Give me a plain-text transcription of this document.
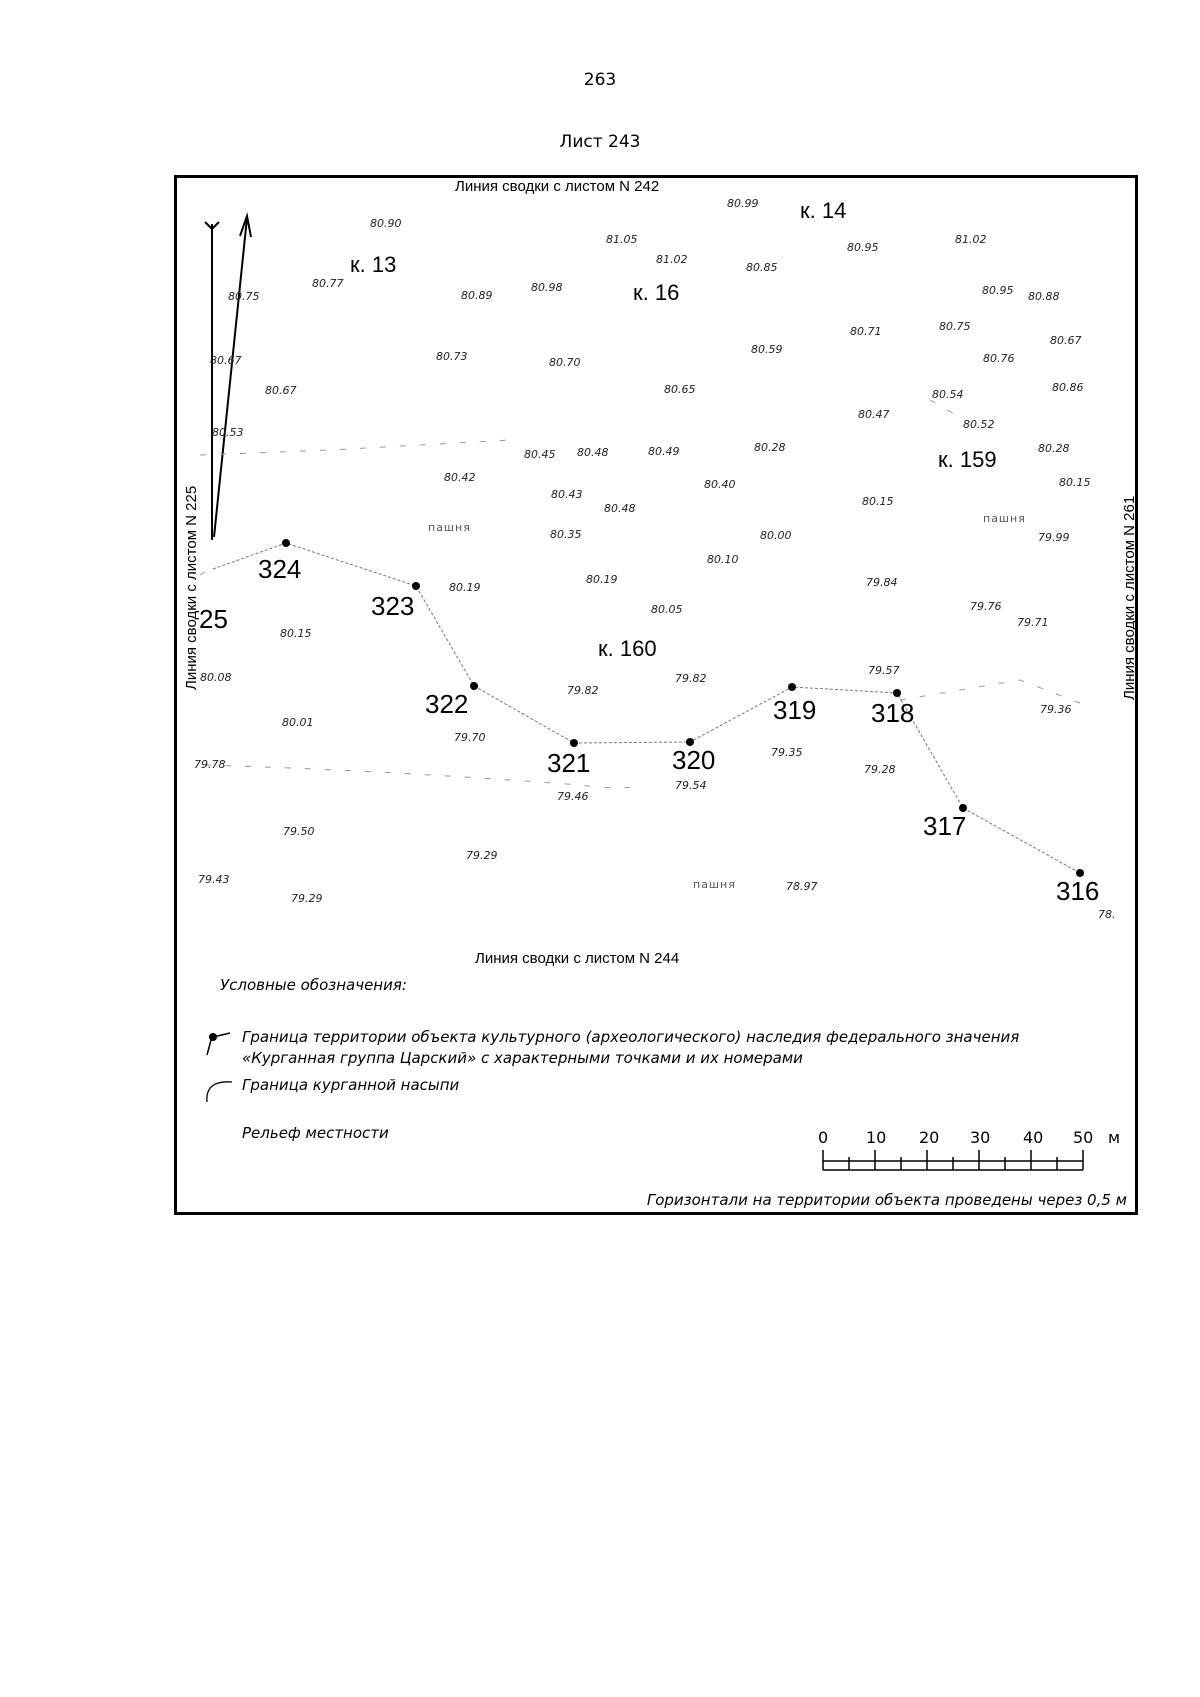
263
Лист 243
Линия сводки с листом N 242
Линия сводки с листом N 244
Линия сводки с листом N 225	Линия сводки с листом N 261
к. 14
к. 13
к. 16
к. 159
к. 160
316
317
318
319
320
321
322
323
324
25
пашня
пашня
пашня
80.99
80.90
81.05
81.02
80.95
81.02
80.77
80.75	80.89
80.98
80.85
80.95 80.88
80.67	80.73	80.70
80.71
80.59
80.75
80.67
80.76
80.67	80.65	80.54
80.86
80.53
80.47
80.52
80.45 80.48	80.49	80.28	80.28
80.42
80.43
80.40	80.15
80.15
80.48
80.35	80.00	79.99
80.19
80.19
80.10
79.84
80.05	79.76
79.71
80.15
80.08
79.57
79.82
79.82
79.36
80.01
79.70
79.35
79.28
79.78
79.46
79.54
79.50
79.29
79.43
79.29
78.97
78.
Условные обозначения:
Граница территории объекта культурного (археологического) наследия федерального значения
«Курганная группа Царский» с характерными точками и их номерами
Граница курганной насыпи
Рельеф местности	0 10 20 30 40 50 м
Горизонтали на территории объекта проведены через 0,5 м
